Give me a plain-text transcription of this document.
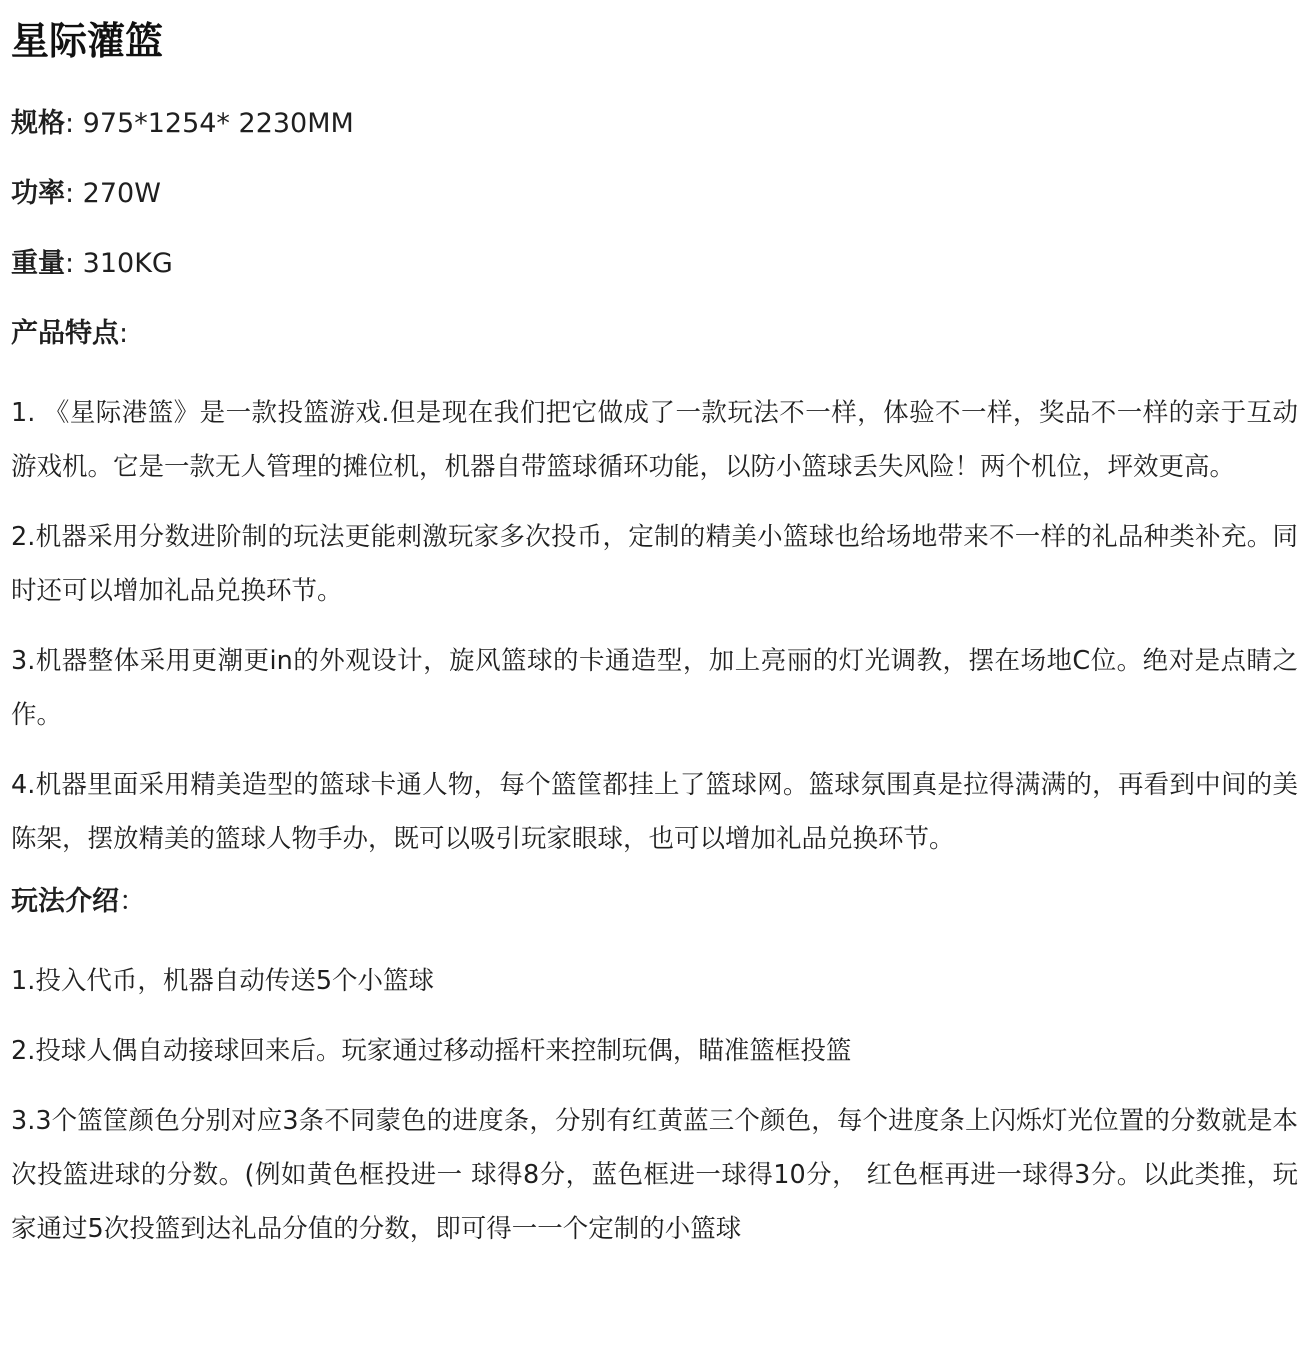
星际灌篮

规格: 975*1254* 2230MM

功率: 270W

重量: 310KG

产品特点:

1. 《星际港篮》是一款投篮游戏.但是现在我们把它做成了一款玩法不一样，体验不一样，奖品不一样的亲于互动游戏机。它是一款无人管理的摊位机，机器自带篮球循环功能，以防小篮球丢失风险！两个机位，坪效更高。

2.机器采用分数进阶制的玩法更能刺激玩家多次投币，定制的精美小篮球也给场地带来不一样的礼品种类补充。同时还可以增加礼品兑换环节。

3.机器整体采用更潮更in的外观设计，旋风篮球的卡通造型，加上亮丽的灯光调教，摆在场地C位。绝对是点睛之作。

4.机器里面采用精美造型的篮球卡通人物，每个篮筐都挂上了篮球网。篮球氛围真是拉得满满的，再看到中间的美陈架，摆放精美的篮球人物手办，既可以吸引玩家眼球，也可以增加礼品兑换环节。

玩法介绍：

1.投入代币，机器自动传送5个小篮球

2.投球人偶自动接球回来后。玩家通过移动摇杆来控制玩偶，瞄准篮框投篮

3.3个篮筐颜色分别对应3条不同蒙色的进度条，分别有红黄蓝三个颜色，每个进度条上闪烁灯光位置的分数就是本次投篮进球的分数。(例如黄色框投进一 球得8分，蓝色框进一球得10分， 红色框再进一球得3分。以此类推，玩家通过5次投篮到达礼品分值的分数，即可得一一个定制的小篮球
